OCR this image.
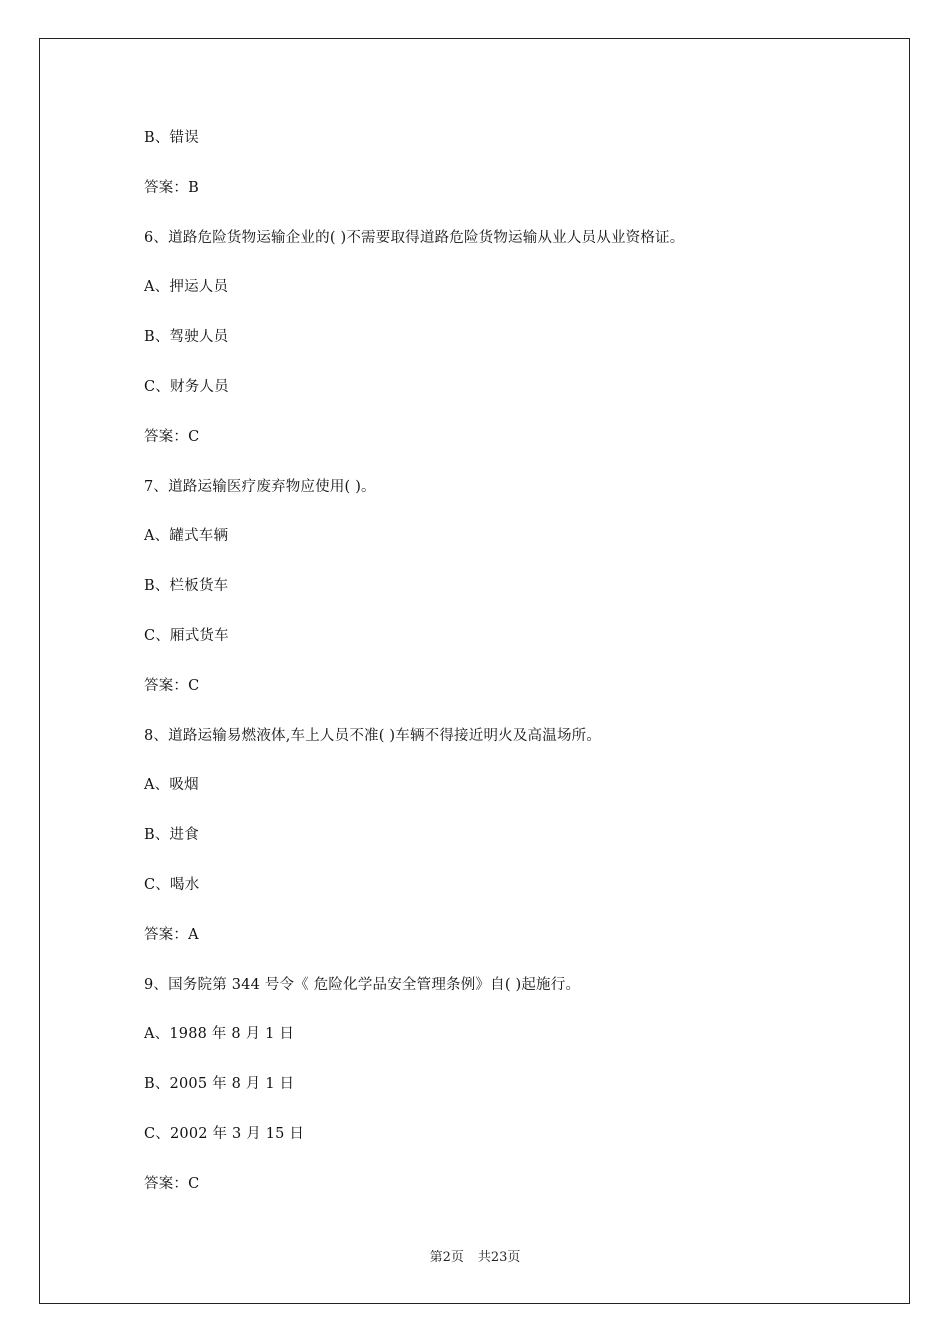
B、错误
答案：B
6、道路危险货物运输企业的( )不需要取得道路危险货物运输从业人员从业资格证。
A、押运人员
B、驾驶人员
C、财务人员
答案：C
7、道路运输医疗废弃物应使用( )。
A、罐式车辆
B、栏板货车
C、厢式货车
答案：C
8、道路运输易燃液体,车上人员不准( )车辆不得接近明火及高温场所。
A、吸烟
B、进食
C、喝水
答案：A
9、国务院第 344 号令《 危险化学品安全管理条例》自( )起施行。
A、1988 年 8 月 1 日
B、2005 年 8 月 1 日
C、2002 年 3 月 15 日
答案：C
第2页 共23页
